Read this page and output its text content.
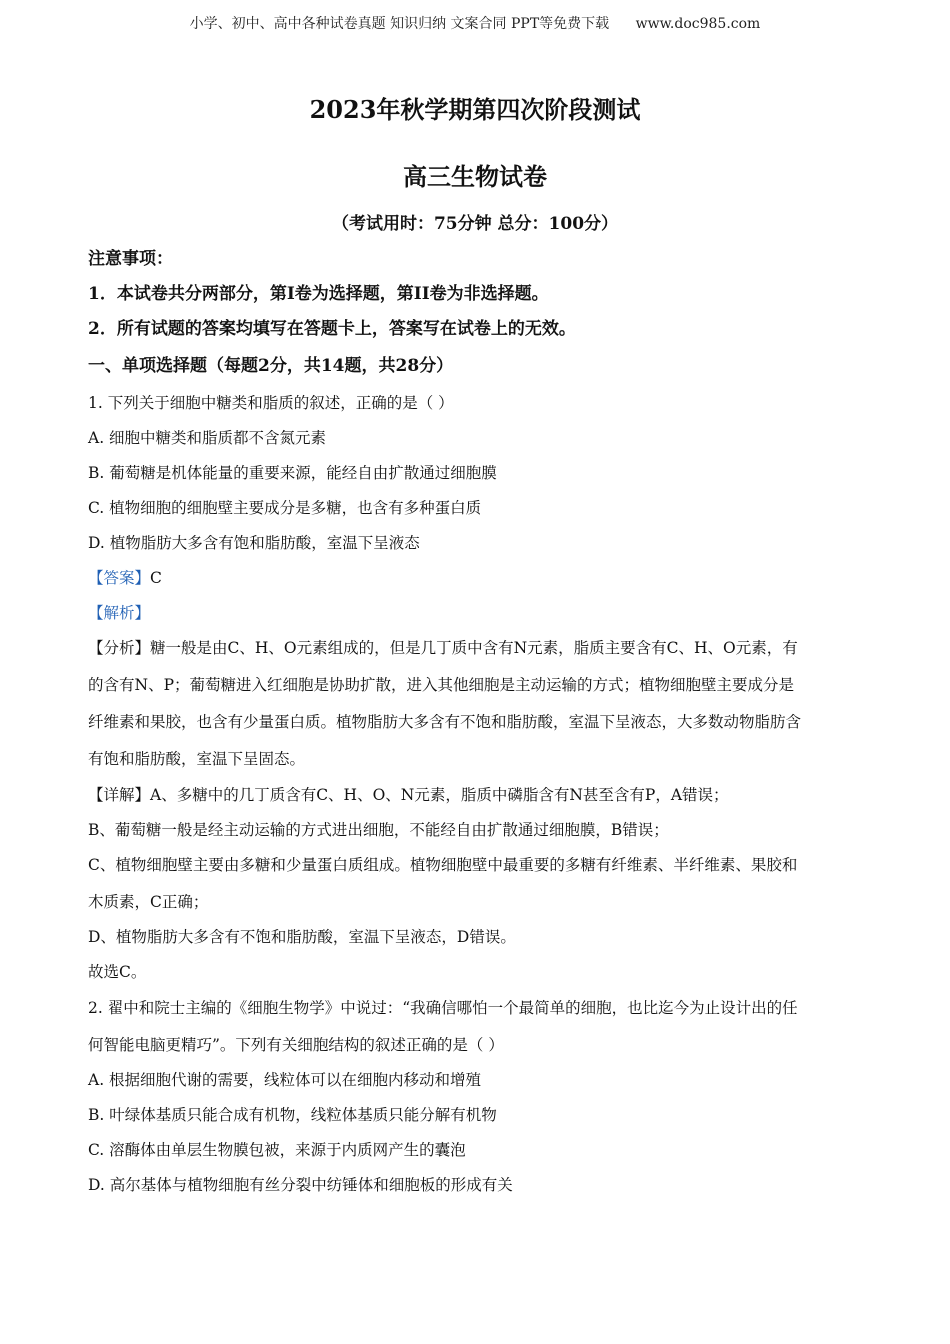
小学、初中、高中各种试卷真题 知识归纳 文案合同 PPT等免费下载 www.doc985.com
2023年秋学期第四次阶段测试
高三生物试卷
（考试用时：75分钟 总分：100分）
注意事项：
1．本试卷共分两部分，第I卷为选择题，第II卷为非选择题。
2．所有试题的答案均填写在答题卡上，答案写在试卷上的无效。
一、单项选择题（每题2分，共14题，共28分）
1. 下列关于细胞中糖类和脂质的叙述，正确的是（ ）
A. 细胞中糖类和脂质都不含氮元素
B. 葡萄糖是机体能量的重要来源，能经自由扩散通过细胞膜
C. 植物细胞的细胞壁主要成分是多糖，也含有多种蛋白质
D. 植物脂肪大多含有饱和脂肪酸，室温下呈液态
【答案】C
【解析】
【分析】糖一般是由C、H、O元素组成的，但是几丁质中含有N元素，脂质主要含有C、H、O元素，有
的含有N、P；葡萄糖进入红细胞是协助扩散，进入其他细胞是主动运输的方式；植物细胞壁主要成分是
纤维素和果胶，也含有少量蛋白质。植物脂肪大多含有不饱和脂肪酸，室温下呈液态，大多数动物脂肪含
有饱和脂肪酸，室温下呈固态。
【详解】A、多糖中的几丁质含有C、H、O、N元素，脂质中磷脂含有N甚至含有P，A错误；
B、葡萄糖一般是经主动运输的方式进出细胞，不能经自由扩散通过细胞膜，B错误；
C、植物细胞壁主要由多糖和少量蛋白质组成。植物细胞壁中最重要的多糖有纤维素、半纤维素、果胶和
木质素，C正确；
D、植物脂肪大多含有不饱和脂肪酸，室温下呈液态，D错误。
故选C。
2. 翟中和院士主编的《细胞生物学》中说过：“我确信哪怕一个最简单的细胞，也比迄今为止设计出的任
何智能电脑更精巧”。下列有关细胞结构的叙述正确的是（ ）
A. 根据细胞代谢的需要，线粒体可以在细胞内移动和增殖
B. 叶绿体基质只能合成有机物，线粒体基质只能分解有机物
C. 溶酶体由单层生物膜包被，来源于内质网产生的囊泡
D. 高尔基体与植物细胞有丝分裂中纺锤体和细胞板的形成有关
